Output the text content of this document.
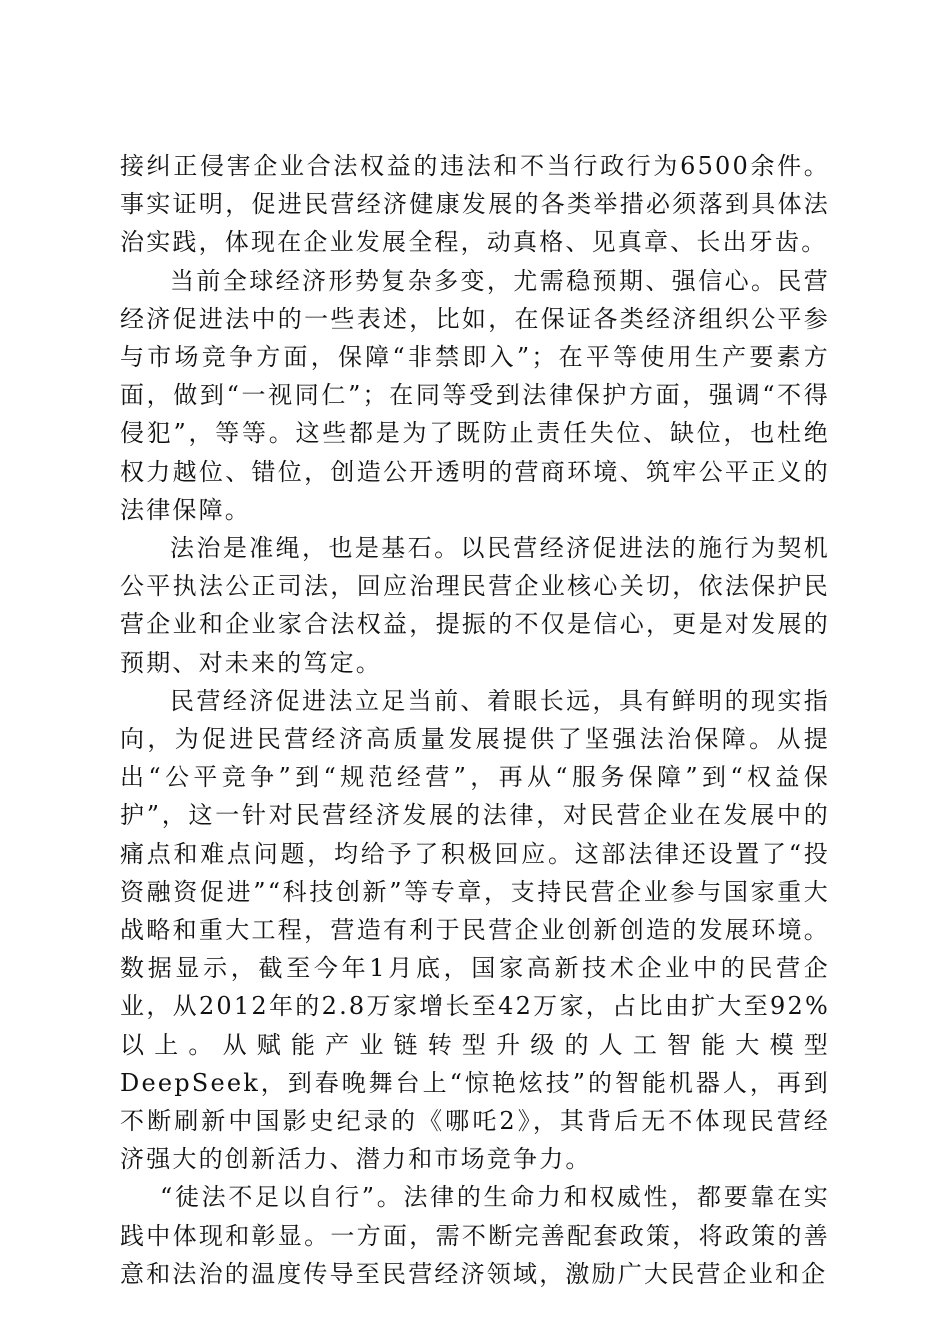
接纠正侵害企业合法权益的违法和不当行政行为6500余件。事实证明，促进民营经济健康发展的各类举措必须落到具体法治实践，体现在企业发展全程，动真格、见真章、长出牙齿。

当前全球经济形势复杂多变，尤需稳预期、强信心。民营经济促进法中的一些表述，比如，在保证各类经济组织公平参与市场竞争方面，保障“非禁即入”；在平等使用生产要素方面，做到“一视同仁”；在同等受到法律保护方面，强调“不得侵犯”，等等。这些都是为了既防止责任失位、缺位，也杜绝权力越位、错位，创造公开透明的营商环境、筑牢公平正义的法律保障。

法治是准绳，也是基石。以民营经济促进法的施行为契机公平执法公正司法，回应治理民营企业核心关切，依法保护民营企业和企业家合法权益，提振的不仅是信心，更是对发展的预期、对未来的笃定。

民营经济促进法立足当前、着眼长远，具有鲜明的现实指向，为促进民营经济高质量发展提供了坚强法治保障。从提出“公平竞争”到“规范经营”，再从“服务保障”到“权益保护”，这一针对民营经济发展的法律，对民营企业在发展中的痛点和难点问题，均给予了积极回应。这部法律还设置了“投资融资促进”“科技创新”等专章，支持民营企业参与国家重大战略和重大工程，营造有利于民营企业创新创造的发展环境。数据显示，截至今年1月底，国家高新技术企业中的民营企业，从2012年的2.8万家增长至42万家，占比由扩大至92%以上。从赋能产业链转型升级的人工智能大模型DeepSeek，到春晚舞台上“惊艳炫技”的智能机器人，再到不断刷新中国影史纪录的《哪吒2》，其背后无不体现民营经济强大的创新活力、潜力和市场竞争力。

“徒法不足以自行”。法律的生命力和权威性，都要靠在实践中体现和彰显。一方面，需不断完善配套政策，将政策的善意和法治的温度传导至民营经济领域，激励广大民营企业和企
